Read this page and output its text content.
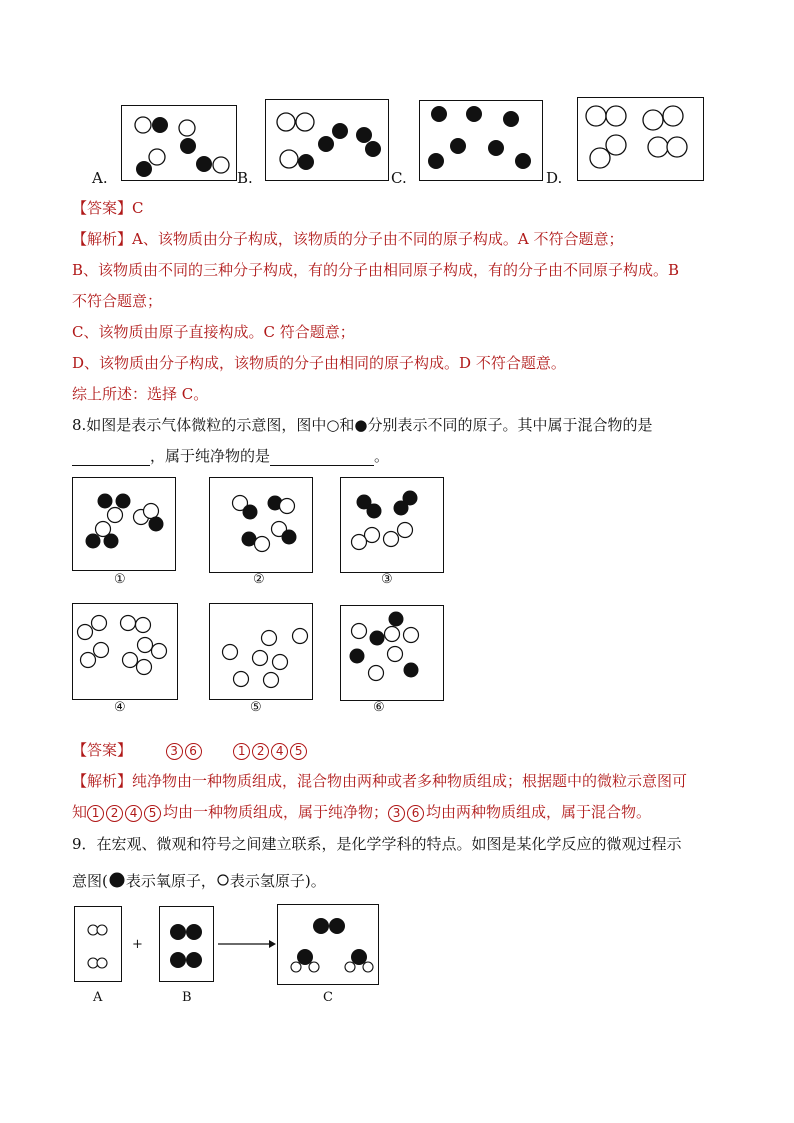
A.	B.	C.	D.
【答案】C
【解析】A、该物质由分子构成，该物质的分子由不同的原子构成。A 不符合题意；
B、该物质由不同的三种分子构成，有的分子由相同原子构成，有的分子由不同原子构成。B
不符合题意；
C、该物质由原子直接构成。C 符合题意；
D、该物质由分子构成，该物质的分子由相同的原子构成。D 不符合题意。
综上所述：选择 C。
8.如图是表示气体微粒的示意图，图中○和●分别表示不同的原子。其中属于混合物的是
，属于纯净物的是	。
①	②	③
④	⑤	⑥
【答案】	3 6	1 2 4 5
【解析】纯净物由一种物质组成，混合物由两种或者多种物质组成；根据题中的微粒示意图可
知 1 2 4 5 均由一种物质组成，属于纯净物； 3 6 均由两种物质组成，属于混合物。
9．在宏观、微观和符号之间建立联系，是化学学科的特点。如图是某化学反应的微观过程示
意图( 表示氧原子， 表示氢原子)。
A
+
B	C
